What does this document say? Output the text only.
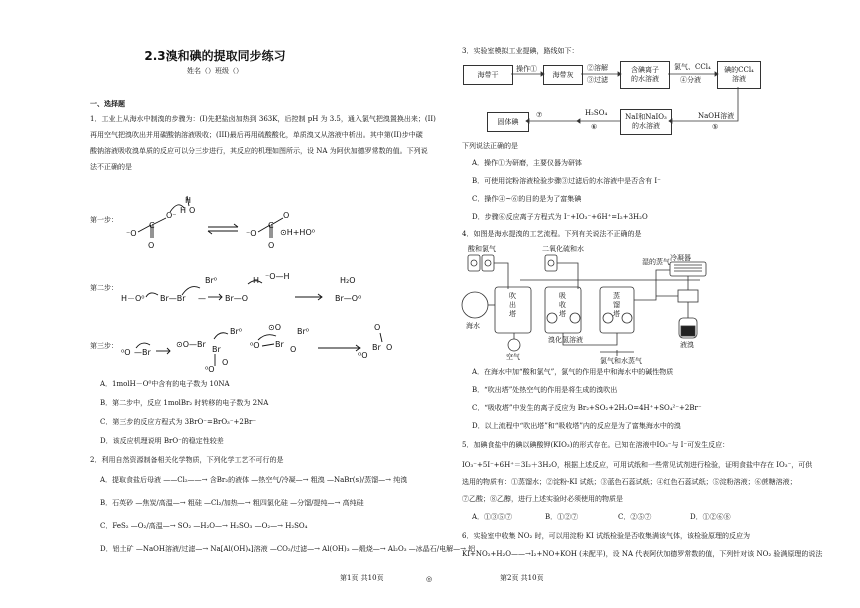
2.3溴和碘的提取同步练习
姓名（）班级（）
一、选择题
1．工业上从海水中制溴的步骤为：(I)先把盐卤加热到 363K，后控制 pH 为 3.5，通入氯气把溴置换出来；(II)
再用空气把溴吹出并用碳酸钠溶液吸收；(III)最后再用硫酸酸化，单质溴又从溶液中析出。其中第(II)步中碳
酸钠溶液吸收溴单质的反应可以分三步进行，其反应的机理如图所示，设 NA 为阿伏加德罗常数的值。下列说
法不正确的是
第一步：
第二步：
第三步：
⁻O
O
C
O⁻
H
H
O
⁻O
O
C
O
⊙H+HO⁰
H－O⁰ Br—Br
Br⁰
— Br—O
H ⁻O—H	H₂O
Br—O⁰
⁰O —Br
⊙O—Br
Br⁰
Br
⁰O
O
⁰O
⊙O
Br
O
Br⁰	O
Br O
⁰O
A．1molH－O⁰中含有的电子数为 10NA
B．第二步中，反应 1molBr₂ 时转移的电子数为 2NA
C．第三步的反应方程式为 3BrO⁻=BrO₃⁻+2Br⁻
D．该反应机理说明 BrO⁻的稳定性较差
2．利用自然资源制备相关化学物质，下列化学工艺不可行的是
A．提取食盐后母液 ——Cl₂——→ 含Br₂的液体 —热空气/冷凝—→ 粗溴 —NaBr(s)/蒸馏—→ 纯溴
B．石英砂 —焦炭/高温—→ 粗硅 —Cl₂/加热—→ 粗四氯化硅 —分馏/提纯—→ 高纯硅
C．FeS₂ —O₂/高温—→ SO₂ —H₂O—→ H₂SO₃ —O₂—→ H₂SO₄
D．铝土矿 —NaOH溶液/过滤—→ Na[Al(OH)₄]溶液 —CO₂/过滤—→ Al(OH)₃ —煅烧—→ Al₂O₃ —冰晶石/电解—→ 铝
第1页 共10页	◎
3．实验室模拟工业提碘，路线如下：
海带干
操作①
海带灰
②溶解
③过滤
含碘离子
的水溶液
氯气、CCl₄
④分液
碘的CCl₄
溶液
NaOH溶液
⑤
NaI和NaIO₃
的水溶液
H₂SO₄
⑥
⑦
固体碘
下列说法正确的是
A．操作①为研磨，主要仪器为研钵
B．可使用淀粉溶液检验步骤③过滤后的水溶液中是否含有 I⁻
C．操作④~⑥的目的是为了富集碘
D．步骤⑥反应离子方程式为 I⁻+IO₃⁻+6H⁺=I₂+3H₂O
4．如图是海水提溴的工艺流程。下列有关说法不正确的是
酸和氯气	二氧化硫和水
湿的蒸气 冷凝器
海水
吹
出
塔
吸
收
塔
蒸
馏
塔
空气
溴化氢溶液
氯气和水蒸气
液溴
A．在海水中加“酸和氯气”，氯气的作用是中和海水中的碱性物质
B．“吹出塔”处热空气的作用是将生成的溴吹出
C．“吸收塔”中发生的离子反应为 Br₂+SO₂+2H₂O=4H⁺+SO₄²⁻+2Br⁻
D．以上流程中“吹出塔”和“吸收塔”内的反应是为了富集海水中的溴
5．加碘食盐中的碘以碘酸钾(KIO₃)的形式存在。已知在溶液中IO₃⁻与 I⁻可发生反应：
IO₃⁻+5I⁻+6H⁺＝3I₂＋3H₂O，根据上述反应，可用试纸和一些常见试剂进行检验，证明食盐中存在 IO₃⁻，可供
选用的物质有：①蒸馏水；②淀粉-KI 试纸；③蓝色石蕊试纸；④红色石蕊试纸；⑤淀粉溶液；⑥蔗糖溶液；
⑦乙酸；⑧乙醇，进行上述实验时必须使用的物质是
A．①③⑤⑦	B．①②⑦	C．②⑤⑦	D．①②⑥⑧
6．实验室中收集 NO₂ 时，可以用淀粉 KI 试纸检验是否收集满该气体，该检验原理的反应为
KI+NO₂+H₂O——→I₂+NO+KOH (未配平)，设 NA 代表阿伏加德罗常数的值，下列针对该 NO₂ 验满原理的说法
第2页 共10页
